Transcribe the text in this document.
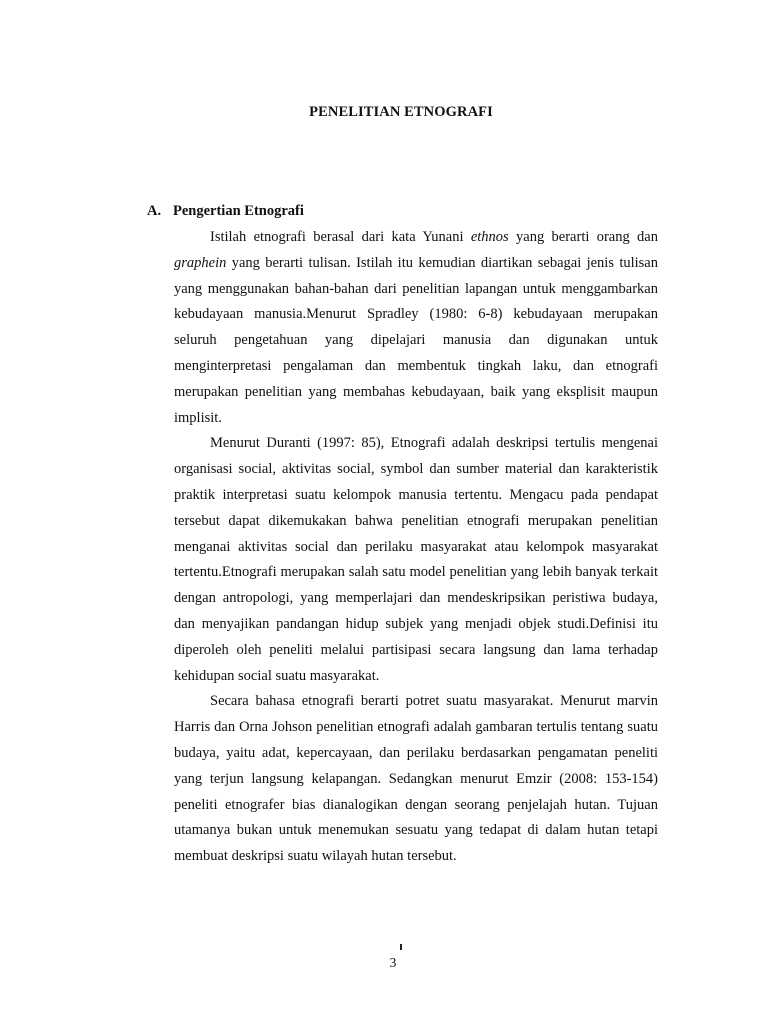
PENELITIAN ETNOGRAFI
A. Pengertian Etnografi

Istilah etnografi berasal dari kata Yunani ethnos yang berarti orang dan graphein yang berarti tulisan. Istilah itu kemudian diartikan sebagai jenis tulisan yang menggunakan bahan-bahan dari penelitian lapangan untuk menggambarkan kebudayaan manusia.Menurut Spradley (1980: 6-8) kebudayaan merupakan seluruh pengetahuan yang dipelajari manusia dan digunakan untuk menginterpretasi pengalaman dan membentuk tingkah laku, dan etnografi merupakan penelitian yang membahas kebudayaan, baik yang eksplisit maupun implisit.

Menurut Duranti (1997: 85), Etnografi adalah deskripsi tertulis mengenai organisasi social, aktivitas social, symbol dan sumber material dan karakteristik praktik interpretasi suatu kelompok manusia tertentu. Mengacu pada pendapat tersebut dapat dikemukakan bahwa penelitian etnografi merupakan penelitian menganai aktivitas social dan perilaku masyarakat atau kelompok masyarakat tertentu.Etnografi merupakan salah satu model penelitian yang lebih banyak terkait dengan antropologi, yang memperlajari dan mendeskripsikan peristiwa budaya, dan menyajikan pandangan hidup subjek yang menjadi objek studi.Definisi itu diperoleh oleh peneliti melalui partisipasi secara langsung dan lama terhadap kehidupan social suatu masyarakat.

Secara bahasa etnografi berarti potret suatu masyarakat. Menurut marvin Harris dan Orna Johson penelitian etnografi adalah gambaran tertulis tentang suatu budaya, yaitu adat, kepercayaan, dan perilaku berdasarkan pengamatan peneliti yang terjun langsung kelapangan. Sedangkan menurut Emzir (2008: 153-154) peneliti etnografer bias dianalogikan dengan seorang penjelajah hutan. Tujuan utamanya bukan untuk menemukan sesuatu yang tedapat di dalam hutan tetapi membuat deskripsi suatu wilayah hutan tersebut.

3
